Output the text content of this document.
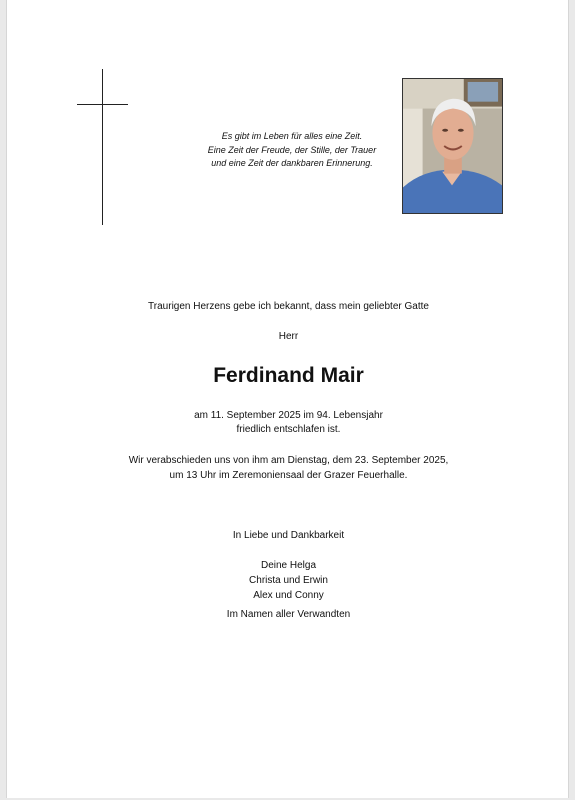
Es gibt im Leben für alles eine Zeit.
Eine Zeit der Freude, der Stille, der Trauer
und eine Zeit der dankbaren Erinnerung.
Traurigen Herzens gebe ich bekannt, dass mein geliebter Gatte
Herr
Ferdinand Mair
am 11. September 2025 im 94. Lebensjahr
friedlich entschlafen ist.
Wir verabschieden uns von ihm am Dienstag, dem 23. September 2025,
um 13 Uhr im Zeremoniensaal der Grazer Feuerhalle.
In Liebe und Dankbarkeit
Deine Helga
Christa und Erwin
Alex und Conny
Im Namen aller Verwandten
